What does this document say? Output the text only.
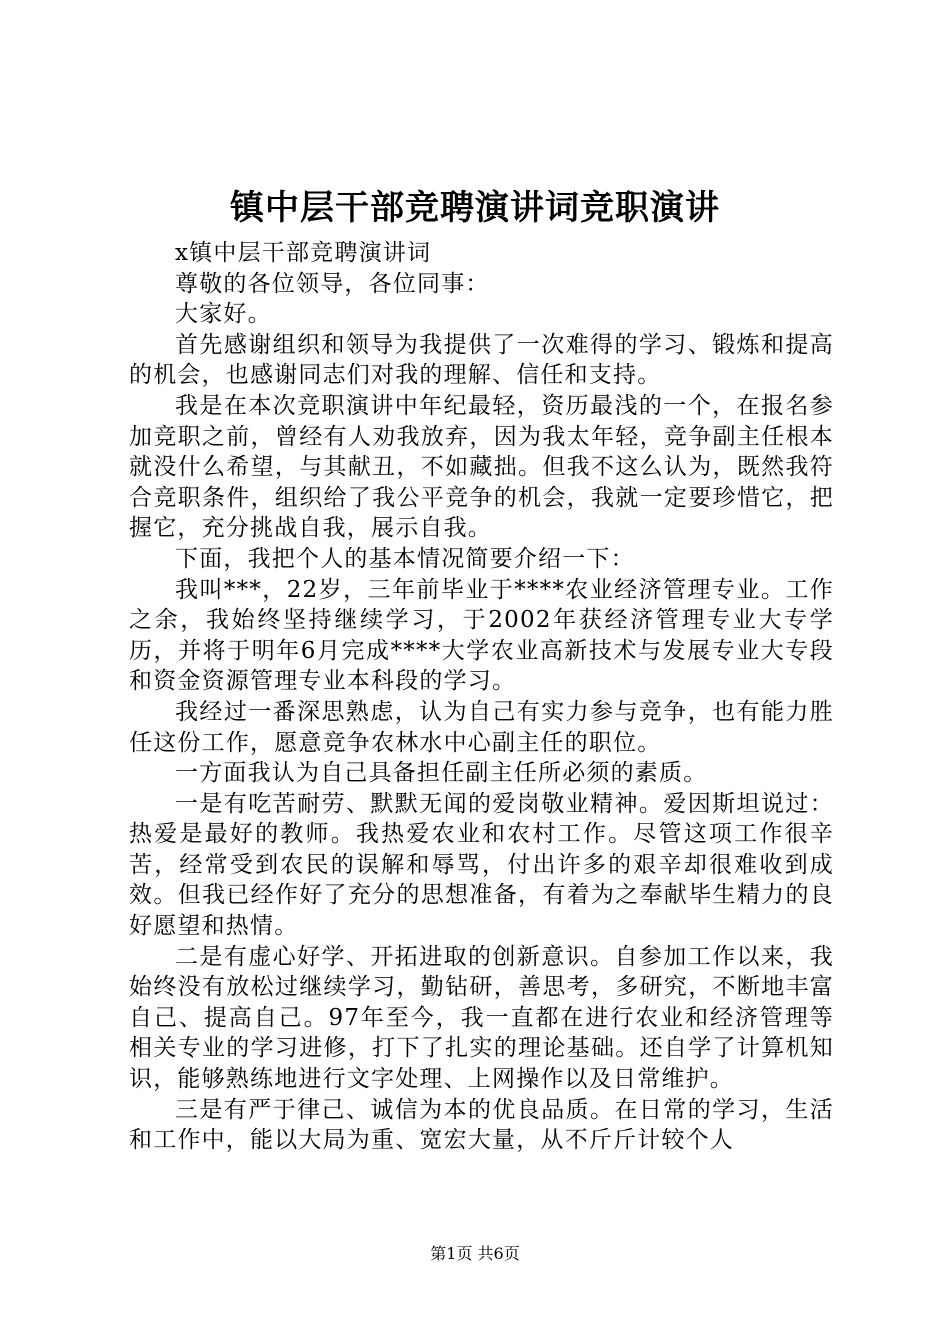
镇中层干部竞聘演讲词竞职演讲

x镇中层干部竞聘演讲词

尊敬的各位领导，各位同事：

大家好。

首先感谢组织和领导为我提供了一次难得的学习、锻炼和提高的机会，也感谢同志们对我的理解、信任和支持。

我是在本次竞职演讲中年纪最轻，资历最浅的一个，在报名参加竞职之前，曾经有人劝我放弃，因为我太年轻，竞争副主任根本就没什么希望，与其献丑，不如藏拙。但我不这么认为，既然我符合竞职条件，组织给了我公平竞争的机会，我就一定要珍惜它，把握它，充分挑战自我，展示自我。

下面，我把个人的基本情况简要介绍一下：

我叫***，22岁，三年前毕业于****农业经济管理专业。工作之余，我始终坚持继续学习，于2002年获经济管理专业大专学历，并将于明年6月完成****大学农业高新技术与发展专业大专段和资金资源管理专业本科段的学习。

我经过一番深思熟虑，认为自己有实力参与竞争，也有能力胜任这份工作，愿意竞争农林水中心副主任的职位。

一方面我认为自己具备担任副主任所必须的素质。

一是有吃苦耐劳、默默无闻的爱岗敬业精神。爱因斯坦说过：热爱是最好的教师。我热爱农业和农村工作。尽管这项工作很辛苦，经常受到农民的误解和辱骂，付出许多的艰辛却很难收到成效。但我已经作好了充分的思想准备，有着为之奉献毕生精力的良好愿望和热情。

二是有虚心好学、开拓进取的创新意识。自参加工作以来，我始终没有放松过继续学习，勤钻研，善思考，多研究，不断地丰富自己、提高自己。97年至今，我一直都在进行农业和经济管理等相关专业的学习进修，打下了扎实的理论基础。还自学了计算机知识，能够熟练地进行文字处理、上网操作以及日常维护。

三是有严于律己、诚信为本的优良品质。在日常的学习，生活和工作中，能以大局为重、宽宏大量，从不斤斤计较个人

第1页 共6页
